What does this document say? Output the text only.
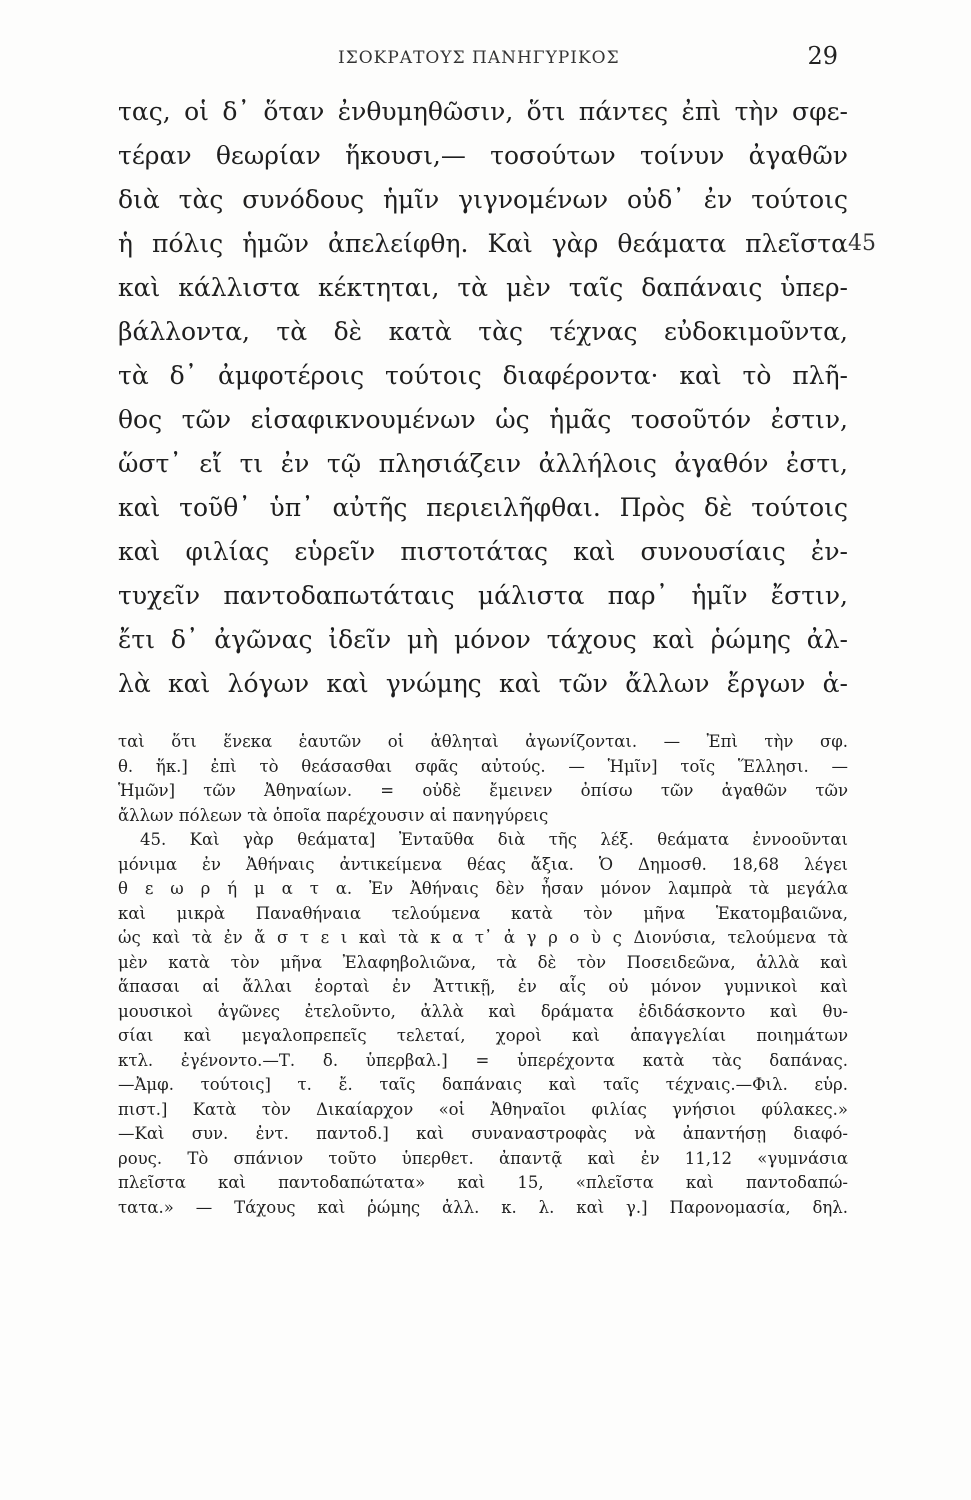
ΙΣΟΚΡΑΤΟΥΣ ΠΑΝΗΓΥΡΙΚΟΣ	29
τας, οἱ δ᾽ ὅταν ἐνθυμηθῶσιν, ὅτι πάντες ἐπὶ τὴν σφε-
τέραν θεωρίαν ἥκουσι,— τοσούτων τοίνυν ἀγαθῶν
διὰ τὰς συνόδους ἡμῖν γιγνομένων οὐδ᾽ ἐν τούτοις
ἡ πόλις ἡμῶν ἀπελείφθη. Καὶ γὰρ θεάματα πλεῖστα 45
καὶ κάλλιστα κέκτηται, τὰ μὲν ταῖς δαπάναις ὑπερ-
βάλλοντα, τὰ δὲ κατὰ τὰς τέχνας εὐδοκιμοῦντα,
τὰ δ᾽ ἀμφοτέροις τούτοις διαφέροντα· καὶ τὸ πλῆ-
θος τῶν εἰσαφικνουμένων ὡς ἡμᾶς τοσοῦτόν ἐστιν,
ὥστ᾽ εἴ τι ἐν τῷ πλησιάζειν ἀλλήλοις ἀγαθόν ἐστι,
καὶ τοῦθ᾽ ὑπ᾽ αὐτῆς περιειλῆφθαι. Πρὸς δὲ τούτοις
καὶ φιλίας εὑρεῖν πιστοτάτας καὶ συνουσίαις ἐν-
τυχεῖν παντοδαπωτάταις μάλιστα παρ᾽ ἡμῖν ἔστιν,
ἔτι δ᾽ ἀγῶνας ἰδεῖν μὴ μόνον τάχους καὶ ῥώμης ἀλ-
λὰ καὶ λόγων καὶ γνώμης καὶ τῶν ἄλλων ἔργων ἁ-
ταὶ ὅτι ἕνεκα ἑαυτῶν οἱ ἀθληταὶ ἀγωνίζονται. — Ἐπὶ τὴν σφ.
θ. ἥκ.] ἐπὶ τὸ θεάσασθαι σφᾶς αὐτούς. — Ἡμῖν] τοῖς Ἕλλησι. —
Ἡμῶν] τῶν Ἀθηναίων. = οὐδὲ ἔμεινεν ὀπίσω τῶν ἀγαθῶν τῶν
ἄλλων πόλεων τὰ ὁποῖα παρέχουσιν αἱ πανηγύρεις
45. Καὶ γὰρ θεάματα] Ἐνταῦθα διὰ τῆς λέξ. θεάματα ἐννοοῦνται
μόνιμα ἐν Ἀθήναις ἀντικείμενα θέας ἄξια. Ὁ Δημοσθ. 18,68 λέγει
θ ε ω ρ ή μ α τ α. Ἐν Ἀθήναις δὲν ἦσαν μόνον λαμπρὰ τὰ μεγάλα
καὶ μικρὰ Παναθήναια τελούμενα κατὰ τὸν μῆνα Ἑκατομβαιῶνα,
ὡς καὶ τὰ ἐν ἄ σ τ ε ι καὶ τὰ κ α τ᾽ ἀ γ ρ ο ὺ ς Διονύσια, τελούμενα τὰ
μὲν κατὰ τὸν μῆνα Ἐλαφηβολιῶνα, τὰ δὲ τὸν Ποσειδεῶνα, ἀλλὰ καὶ
ἅπασαι αἱ ἄλλαι ἑορταὶ ἐν Ἀττικῇ, ἐν αἷς οὐ μόνον γυμνικοὶ καὶ
μουσικοὶ ἀγῶνες ἐτελοῦντο, ἀλλὰ καὶ δράματα ἐδιδάσκοντο καὶ θυ-
σίαι καὶ μεγαλοπρεπεῖς τελεταί, χοροὶ καὶ ἀπαγγελίαι ποιημάτων
κτλ. ἐγένοντο.—Τ. δ. ὑπερβαλ.] = ὑπερέχοντα κατὰ τὰς δαπάνας.
—Ἀμφ. τούτοις] τ. ἔ. ταῖς δαπάναις καὶ ταῖς τέχναις.—Φιλ. εὑρ.
πιστ.] Κατὰ τὸν Δικαίαρχον «οἱ Ἀθηναῖοι φιλίας γνήσιοι φύλακες.»
—Καὶ συν. ἐντ. παντοδ.] καὶ συναναστροφὰς νὰ ἀπαντήσῃ διαφό-
ρους. Τὸ σπάνιον τοῦτο ὑπερθετ. ἀπαντᾷ καὶ ἐν 11,12 «γυμνάσια
πλεῖστα καὶ παντοδαπώτατα» καὶ 15, «πλεῖστα καὶ παντοδαπώ-
τατα.» — Τάχους καὶ ῥώμης ἀλλ. κ. λ. καὶ γ.] Παρονομασία, δηλ.
